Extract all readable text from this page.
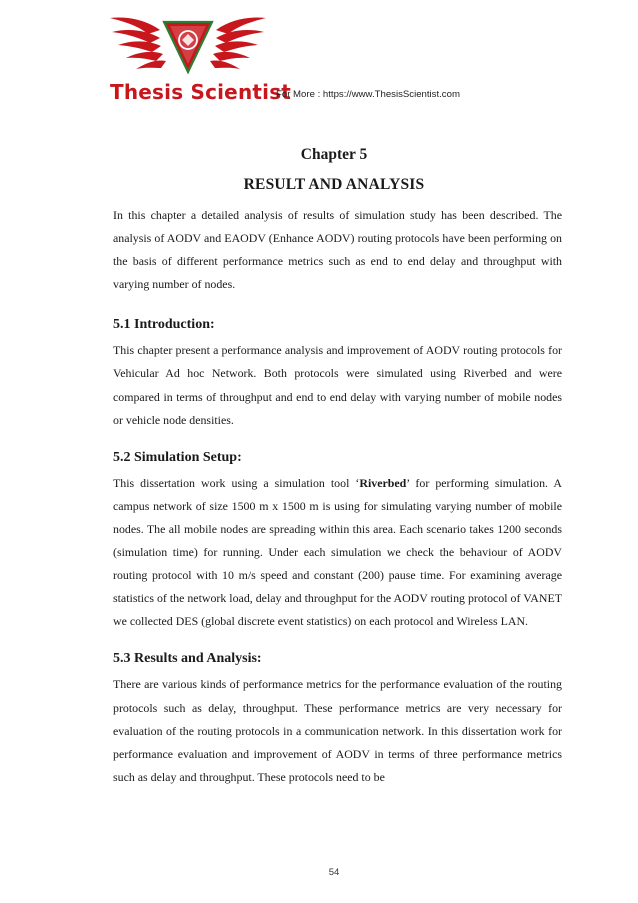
Thesis Scientist
For More : https://www.ThesisScientist.com
Chapter 5
RESULT AND ANALYSIS

In this chapter a detailed analysis of results of simulation study has been described. The analysis of AODV and EAODV (Enhance AODV) routing protocols have been performing on the basis of different performance metrics such as end to end delay and throughput with varying number of nodes.

5.1 Introduction:

This chapter present a performance analysis and improvement of AODV routing protocols for Vehicular Ad hoc Network. Both protocols were simulated using Riverbed and were compared in terms of throughput and end to end delay with varying number of mobile nodes or vehicle node densities.

5.2 Simulation Setup:

This dissertation work using a simulation tool ‘Riverbed’ for performing simulation. A campus network of size 1500 m x 1500 m is using for simulating varying number of mobile nodes. The all mobile nodes are spreading within this area. Each scenario takes 1200 seconds (simulation time) for running. Under each simulation we check the behaviour of AODV routing protocol with 10 m/s speed and constant (200) pause time. For examining average statistics of the network load, delay and throughput for the AODV routing protocol of VANET we collected DES (global discrete event statistics) on each protocol and Wireless LAN.

5.3 Results and Analysis:

There are various kinds of performance metrics for the performance evaluation of the routing protocols such as delay, throughput. These performance metrics are very necessary for evaluation of the routing protocols in a communication network. In this dissertation work for performance evaluation and improvement of AODV in terms of three performance metrics such as delay and throughput. These protocols need to be

54
